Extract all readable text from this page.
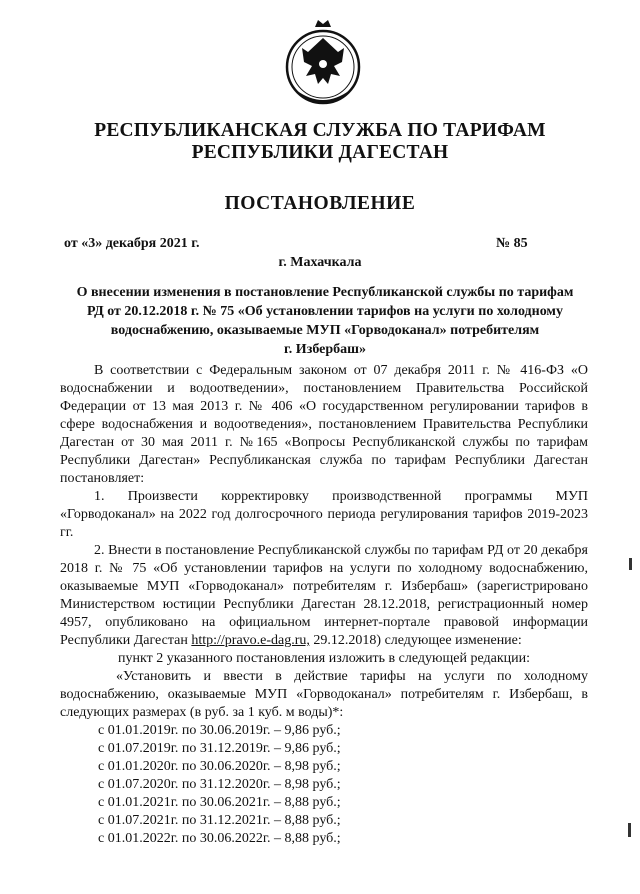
РЕСПУБЛИКАНСКАЯ СЛУЖБА ПО ТАРИФАМ
РЕСПУБЛИКИ ДАГЕСТАН
ПОСТАНОВЛЕНИЕ
от «3» декабря 2021 г.	№ 85
г. Махачкала
О внесении изменения в постановление Республиканской службы по тарифам
РД от 20.12.2018 г. № 75 «Об установлении тарифов на услуги по холодному
водоснабжению, оказываемые МУП «Горводоканал» потребителям
г. Избербаш»

В соответствии с Федеральным законом от 07 декабря 2011 г. № 416-ФЗ «О водоснабжении и водоотведении», постановлением Правительства Российской Федерации от 13 мая 2013 г. № 406 «О государственном регулировании тарифов в сфере водоснабжения и водоотведения», постановлением Правительства Республики Дагестан от 30 мая 2011 г. №165 «Вопросы Республиканской службы по тарифам Республики Дагестан» Республиканская служба по тарифам Республики Дагестан постановляет:

1. Произвести корректировку производственной программы МУП «Горводоканал» на 2022 год долгосрочного периода регулирования тарифов 2019-2023 гг.

2. Внести в постановление Республиканской службы по тарифам РД от 20 декабря 2018 г. № 75 «Об установлении тарифов на услуги по холодному водоснабжению, оказываемые МУП «Горводоканал» потребителям г. Избербаш» (зарегистрировано Министерством юстиции Республики Дагестан 28.12.2018, регистрационный номер 4957, опубликовано на официальном интернет-портале правовой информации Республики Дагестан http://pravo.e-dag.ru, 29.12.2018) следующее изменение:

пункт 2 указанного постановления изложить в следующей редакции:

«Установить и ввести в действие тарифы на услуги по холодному водоснабжению, оказываемые МУП «Горводоканал» потребителям г. Избербаш, в следующих размерах (в руб. за 1 куб. м воды)*:

с 01.01.2019г. по 30.06.2019г. – 9,86 руб.;

с 01.07.2019г. по 31.12.2019г. – 9,86 руб.;

с 01.01.2020г. по 30.06.2020г. – 8,98 руб.;

с 01.07.2020г. по 31.12.2020г. – 8,98 руб.;

с 01.01.2021г. по 30.06.2021г. – 8,88 руб.;

с 01.07.2021г. по 31.12.2021г. – 8,88 руб.;

с 01.01.2022г. по 30.06.2022г. – 8,88 руб.;
